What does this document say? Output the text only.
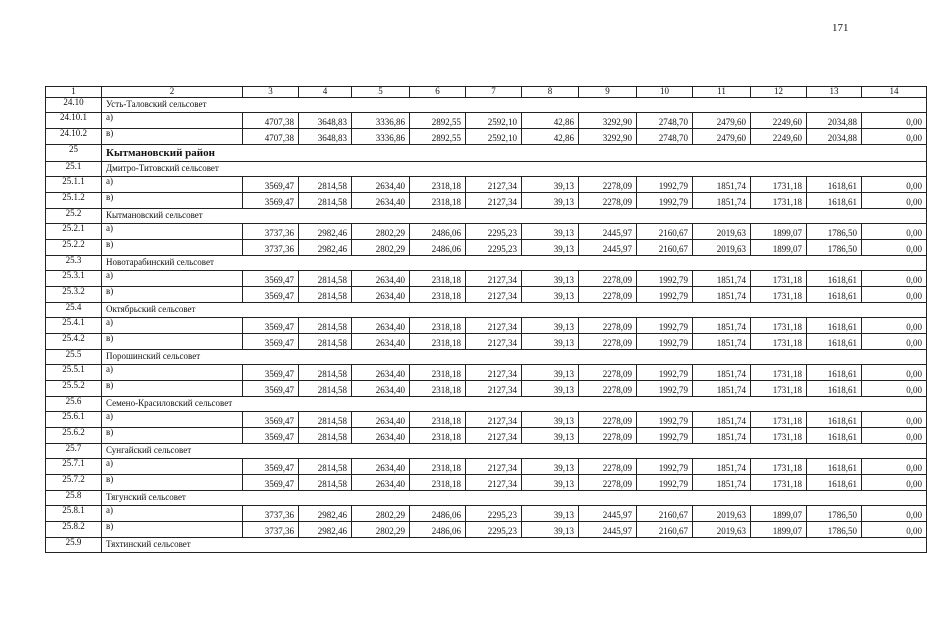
171
1	2	3	4	5	6	7	8	9	10	11	12	13	14
24.10	Усть-Таловский сельсовет												
24.10.1	а)	4707,38	3648,83	3336,86	2892,55	2592,10	42,86	3292,90	2748,70	2479,60	2249,60	2034,88	0,00
24.10.2	в)	4707,38	3648,83	3336,86	2892,55	2592,10	42,86	3292,90	2748,70	2479,60	2249,60	2034,88	0,00
25	Кытмановский район												
25.1	Дмитро-Титовский сельсовет												
25.1.1	а)	3569,47	2814,58	2634,40	2318,18	2127,34	39,13	2278,09	1992,79	1851,74	1731,18	1618,61	0,00
25.1.2	в)	3569,47	2814,58	2634,40	2318,18	2127,34	39,13	2278,09	1992,79	1851,74	1731,18	1618,61	0,00
25.2	Кытмановский сельсовет												
25.2.1	а)	3737,36	2982,46	2802,29	2486,06	2295,23	39,13	2445,97	2160,67	2019,63	1899,07	1786,50	0,00
25.2.2	в)	3737,36	2982,46	2802,29	2486,06	2295,23	39,13	2445,97	2160,67	2019,63	1899,07	1786,50	0,00
25.3	Новотарабинский сельсовет												
25.3.1	а)	3569,47	2814,58	2634,40	2318,18	2127,34	39,13	2278,09	1992,79	1851,74	1731,18	1618,61	0,00
25.3.2	в)	3569,47	2814,58	2634,40	2318,18	2127,34	39,13	2278,09	1992,79	1851,74	1731,18	1618,61	0,00
25.4	Октябрьский сельсовет												
25.4.1	а)	3569,47	2814,58	2634,40	2318,18	2127,34	39,13	2278,09	1992,79	1851,74	1731,18	1618,61	0,00
25.4.2	в)	3569,47	2814,58	2634,40	2318,18	2127,34	39,13	2278,09	1992,79	1851,74	1731,18	1618,61	0,00
25.5	Порошинский сельсовет												
25.5.1	а)	3569,47	2814,58	2634,40	2318,18	2127,34	39,13	2278,09	1992,79	1851,74	1731,18	1618,61	0,00
25.5.2	в)	3569,47	2814,58	2634,40	2318,18	2127,34	39,13	2278,09	1992,79	1851,74	1731,18	1618,61	0,00
25.6	Семено-Красиловский сельсовет												
25.6.1	а)	3569,47	2814,58	2634,40	2318,18	2127,34	39,13	2278,09	1992,79	1851,74	1731,18	1618,61	0,00
25.6.2	в)	3569,47	2814,58	2634,40	2318,18	2127,34	39,13	2278,09	1992,79	1851,74	1731,18	1618,61	0,00
25.7	Сунгайский сельсовет												
25.7.1	а)	3569,47	2814,58	2634,40	2318,18	2127,34	39,13	2278,09	1992,79	1851,74	1731,18	1618,61	0,00
25.7.2	в)	3569,47	2814,58	2634,40	2318,18	2127,34	39,13	2278,09	1992,79	1851,74	1731,18	1618,61	0,00
25.8	Тягунский сельсовет												
25.8.1	а)	3737,36	2982,46	2802,29	2486,06	2295,23	39,13	2445,97	2160,67	2019,63	1899,07	1786,50	0,00
25.8.2	в)	3737,36	2982,46	2802,29	2486,06	2295,23	39,13	2445,97	2160,67	2019,63	1899,07	1786,50	0,00
25.9	Тяхтинский сельсовет												
